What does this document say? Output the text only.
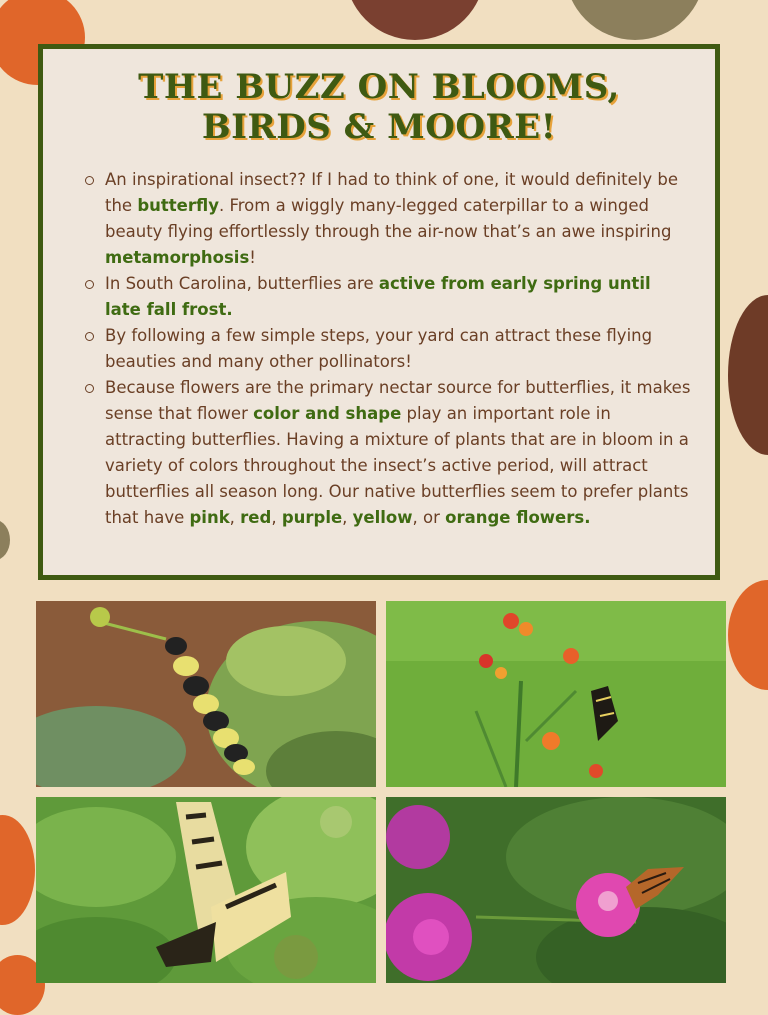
THE BUZZ ON BLOOMS,
BIRDS & MOORE!
An inspirational insect?? If I had to think of one, it would definitely be the butterfly. From a wiggly many-legged caterpillar to a winged beauty flying effortlessly through the air-now that’s an awe inspiring metamorphosis!
In South Carolina, butterflies are active from early spring until late fall frost.
By following a few simple steps, your yard can attract these flying beauties and many other pollinators!
Because flowers are the primary nectar source for butterflies, it makes sense that flower color and shape play an important role in attracting butterflies. Having a mixture of plants that are in bloom in a variety of colors throughout the insect’s active period, will attract butterflies all season long. Our native butterflies seem to prefer plants that have pink, red, purple, yellow, or orange flowers.
